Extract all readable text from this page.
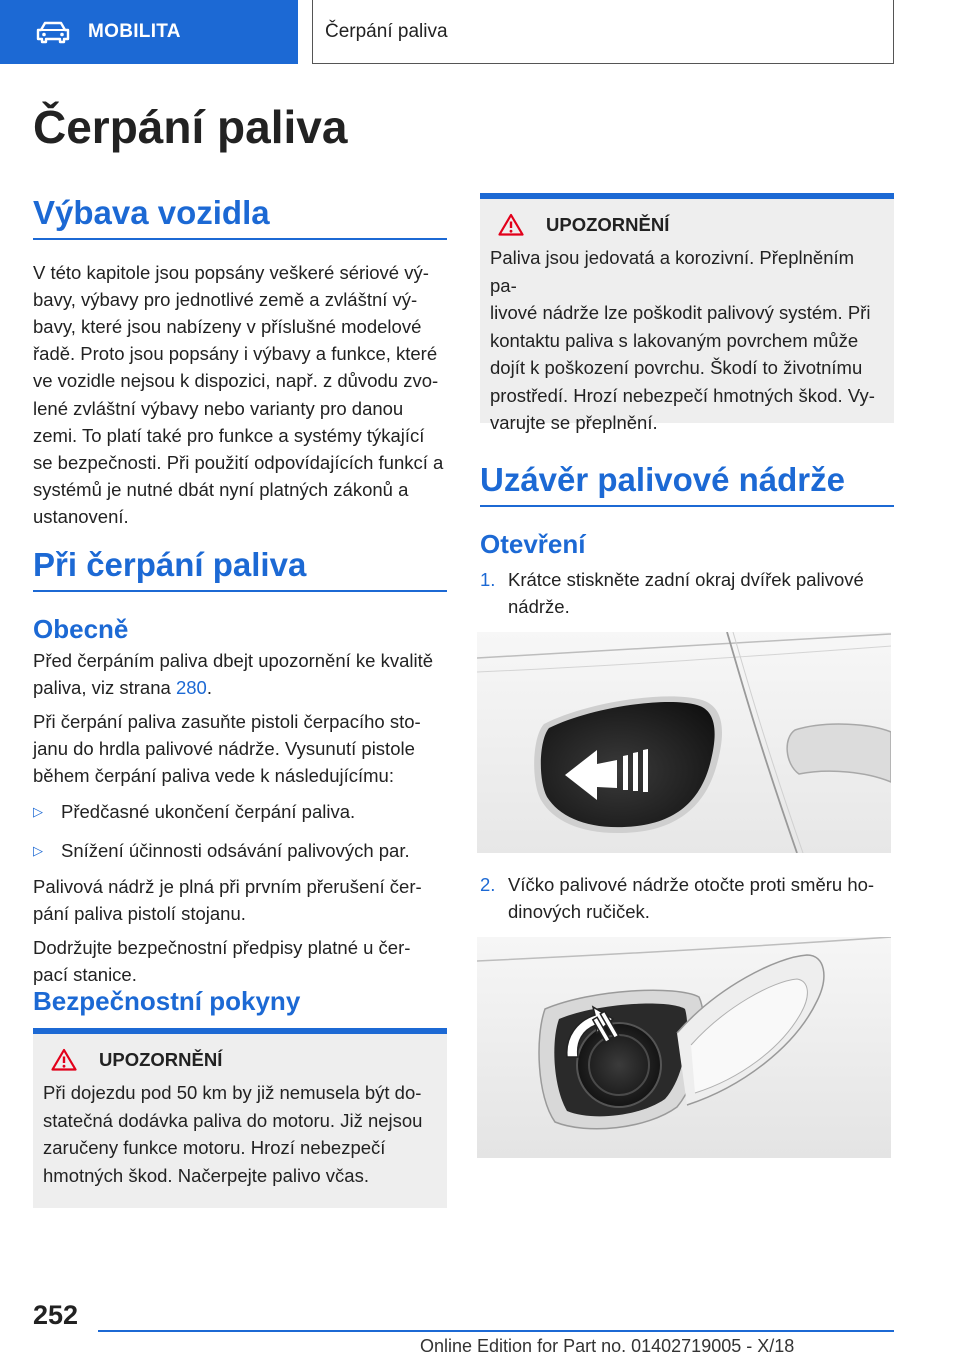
MOBILITA	Čerpání paliva
Čerpání paliva
Výbava vozidla
V této kapitole jsou popsány veškeré sériové vý-
bavy, výbavy pro jednotlivé země a zvláštní vý-
bavy, které jsou nabízeny v příslušné modelové
řadě. Proto jsou popsány i výbavy a funkce, které
ve vozidle nejsou k dispozici, např. z důvodu zvo-
lené zvláštní výbavy nebo varianty pro danou
zemi. To platí také pro funkce a systémy týkající
se bezpečnosti. Při použití odpovídajících funkcí a
systémů je nutné dbát nyní platných zákonů a
ustanovení.
Při čerpání paliva
Obecně
Před čerpáním paliva dbejt upozornění ke kvalitě
paliva, viz strana 280.
Při čerpání paliva zasuňte pistoli čerpacího sto-
janu do hrdla palivové nádrže. Vysunutí pistole
během čerpání paliva vede k následujícímu:
▷ Předčasné ukončení čerpání paliva.
▷ Snížení účinnosti odsávání palivových par.
Palivová nádrž je plná při prvním přerušení čer-
pání paliva pistolí stojanu.
Dodržujte bezpečnostní předpisy platné u čer-
pací stanice.
Bezpečnostní pokyny
UPOZORNĚNÍ
Při dojezdu pod 50 km by již nemusela být do-
statečná dodávka paliva do motoru. Již nejsou
zaručeny funkce motoru. Hrozí nebezpečí
hmotných škod. Načerpejte palivo včas.
UPOZORNĚNÍ
Paliva jsou jedovatá a korozivní. Přeplněním pa-
livové nádrže lze poškodit palivový systém. Při
kontaktu paliva s lakovaným povrchem může
dojít k poškození povrchu. Škodí to životnímu
prostředí. Hrozí nebezpečí hmotných škod. Vy-
varujte se přeplnění.
Uzávěr palivové nádrže
Otevření
1. Krátce stiskněte zadní okraj dvířek palivové
nádrže.
2. Víčko palivové nádrže otočte proti směru ho-
dinových ručiček.
252
Online Edition for Part no. 01402719005 - X/18
